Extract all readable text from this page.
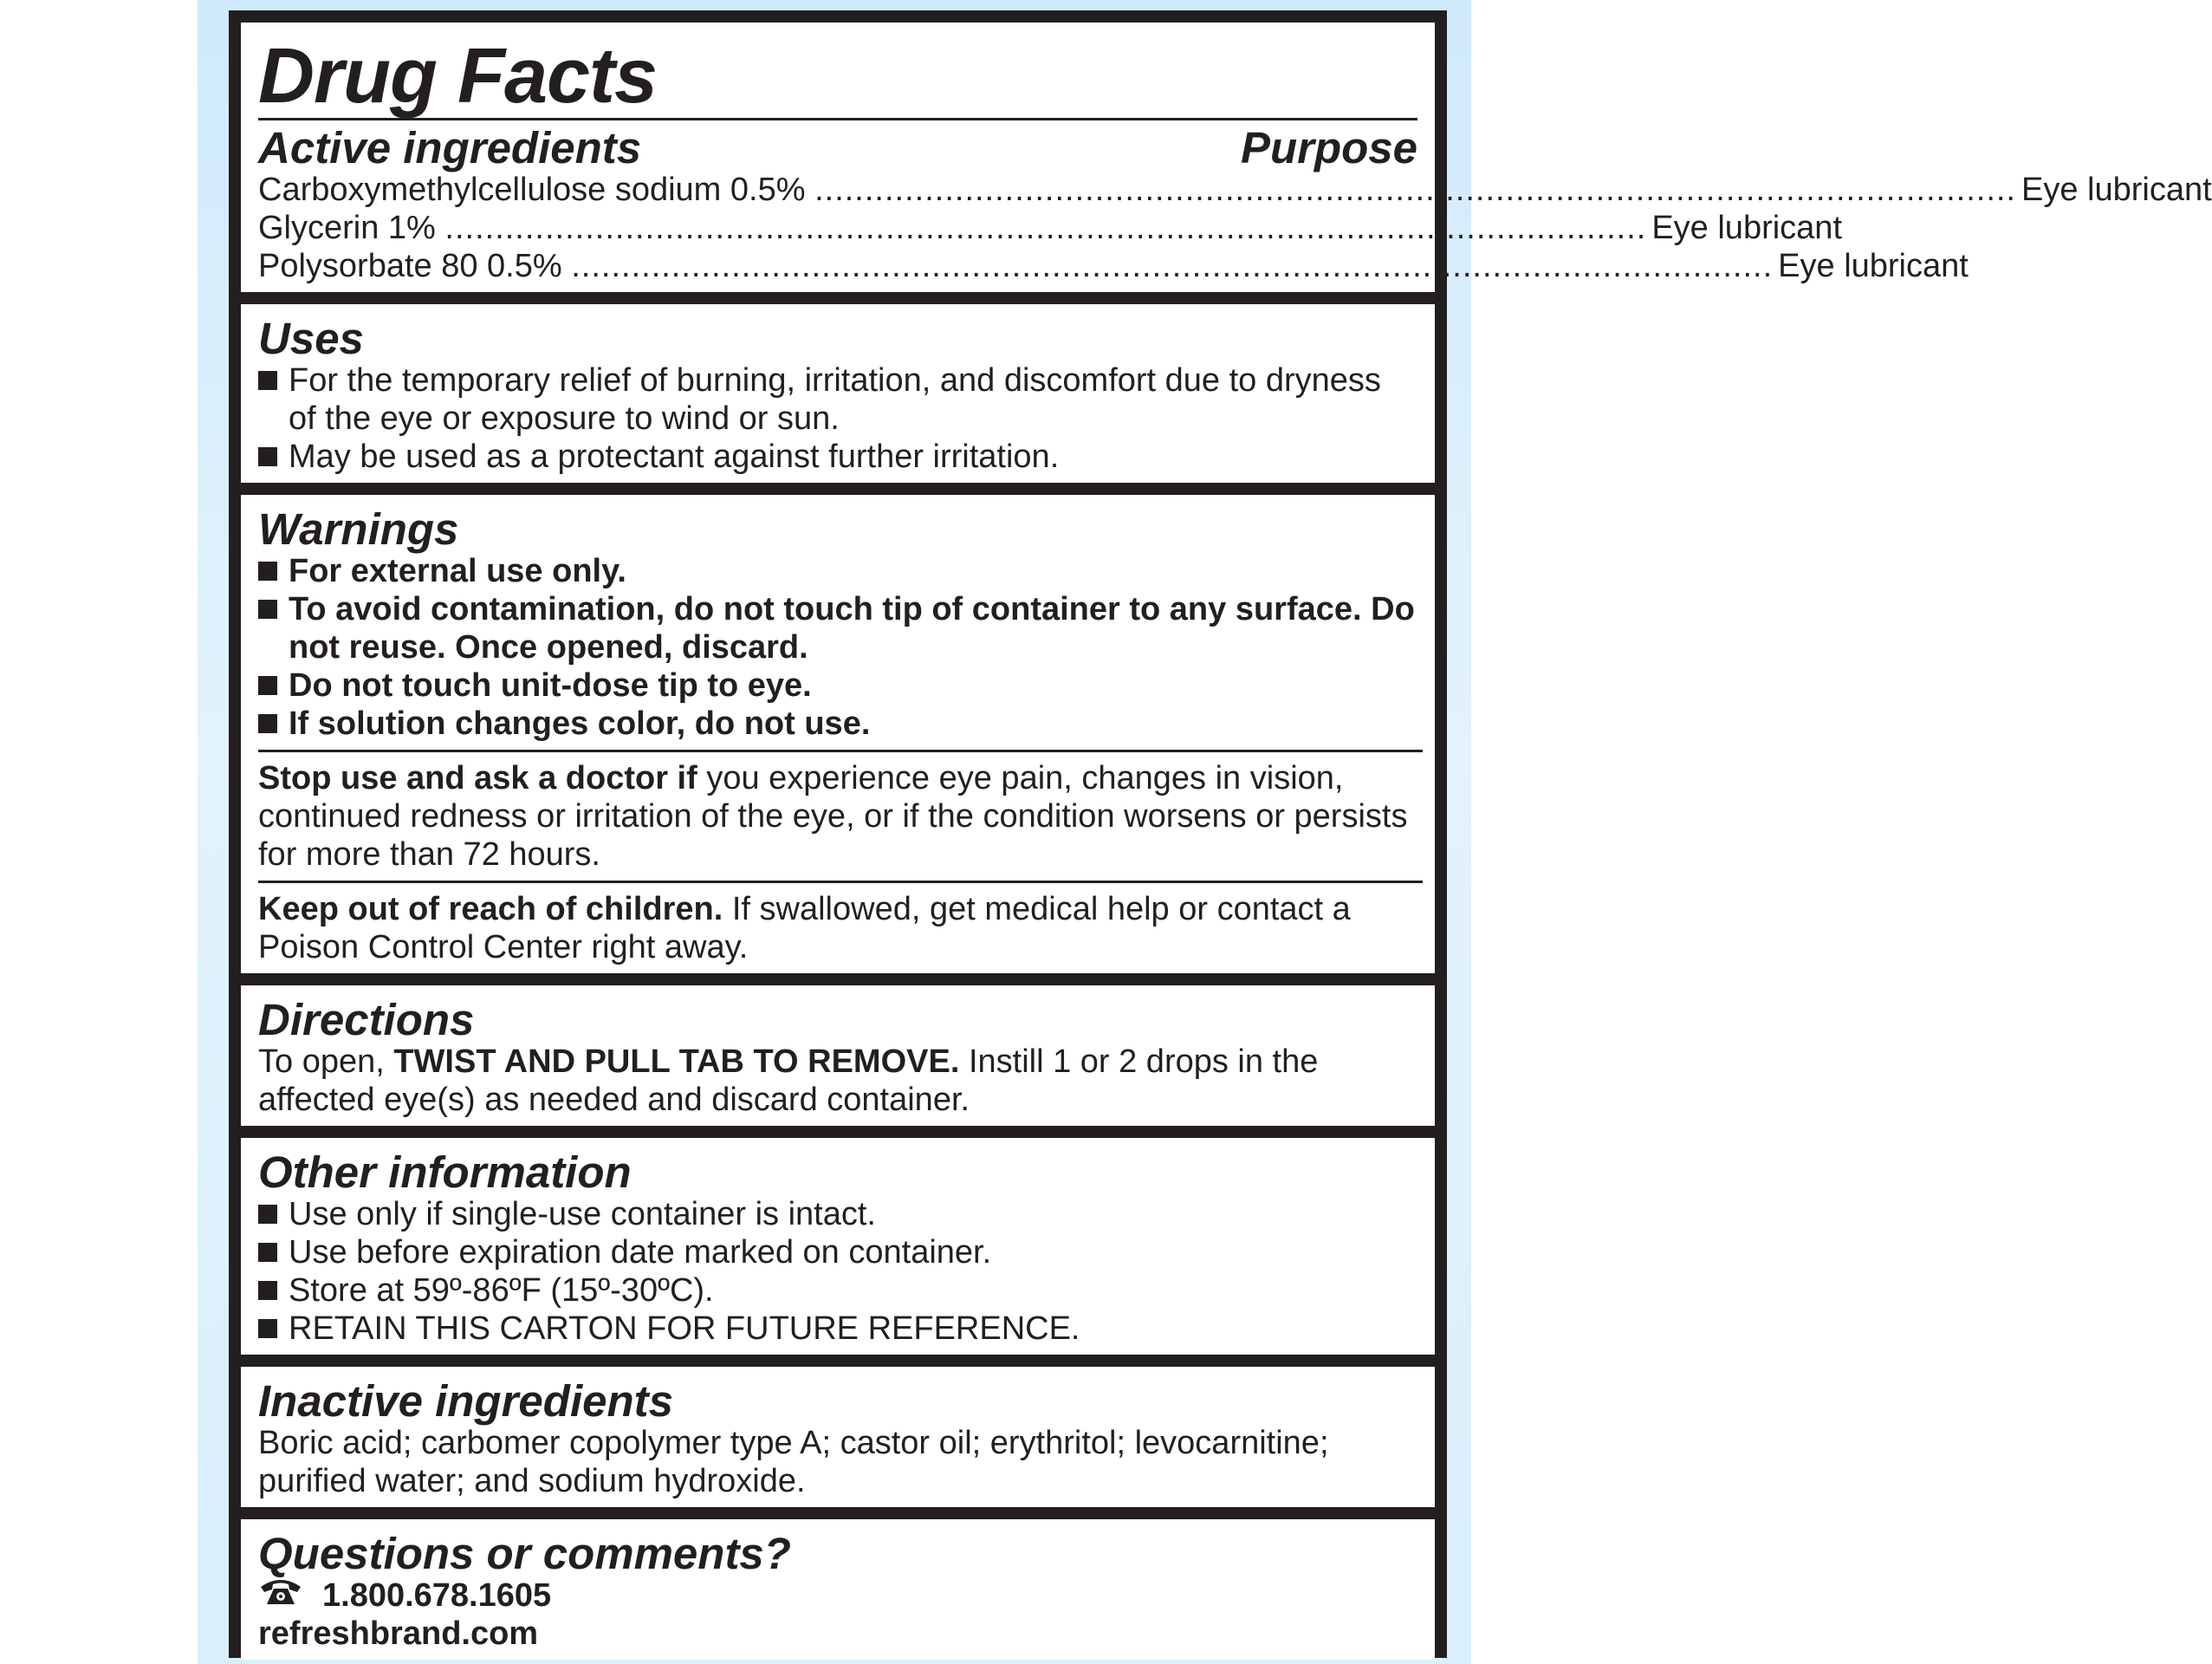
Drug Facts
Active ingredients	Purpose
Carboxymethylcellulose sodium 0.5% ........................................................................................................................ Eye lubricant
Glycerin 1% ........................................................................................................................ Eye lubricant
Polysorbate 80 0.5% ........................................................................................................................ Eye lubricant
Uses
For the temporary relief of burning, irritation, and discomfort due to dryness of the eye or exposure to wind or sun.
May be used as a protectant against further irritation.
Warnings
For external use only.
To avoid contamination, do not touch tip of container to any surface. Do not reuse. Once opened, discard.
Do not touch unit-dose tip to eye.
If solution changes color, do not use.
Stop use and ask a doctor if you experience eye pain, changes in vision, continued redness or irritation of the eye, or if the condition worsens or persists for more than 72 hours.
Keep out of reach of children. If swallowed, get medical help or contact a Poison Control Center right away.
Directions
To open, TWIST AND PULL TAB TO REMOVE. Instill 1 or 2 drops in the affected eye(s) as needed and discard container.
Other information
Use only if single-use container is intact.
Use before expiration date marked on container.
Store at 59º-86ºF (15º-30ºC).
RETAIN THIS CARTON FOR FUTURE REFERENCE.
Inactive ingredients
Boric acid; carbomer copolymer type A; castor oil; erythritol; levocarnitine; purified water; and sodium hydroxide.
Questions or comments?
1.800.678.1605
refreshbrand.com
